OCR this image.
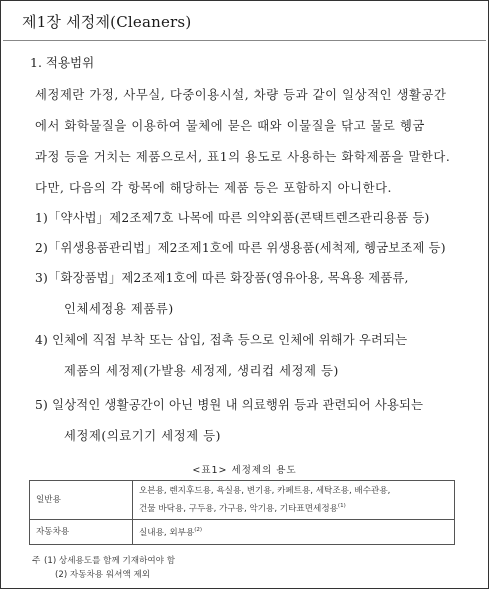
제1장 세정제(Cleaners)
1. 적용범위
세정제란 가정, 사무실, 다중이용시설, 차량 등과 같이 일상적인 생활공간
에서 화학물질을 이용하여 물체에 묻은 때와 이물질을 닦고 물로 헹굼
과정 등을 거치는 제품으로서, 표1의 용도로 사용하는 화학제품을 말한다.
다만, 다음의 각 항목에 해당하는 제품 등은 포함하지 아니한다.
1)「약사법」제2조제7호 나목에 따른 의약외품(콘택트렌즈관리용품 등)
2)「위생용품관리법」제2조제1호에 따른 위생용품(세척제, 헹굼보조제 등)
3)「화장품법」제2조제1호에 따른 화장품(영유아용, 목욕용 제품류,
인체세정용 제품류)
4) 인체에 직접 부착 또는 삽입, 접촉 등으로 인체에 위해가 우려되는
제품의 세정제(가발용 세정제, 생리컵 세정제 등)
5) 일상적인 생활공간이 아닌 병원 내 의료행위 등과 관련되어 사용되는
세정제(의료기기 세정제 등)
<표1> 세정제의 용도
일반용	오븐용, 렌지후드용, 욕실용, 변기용, 카페트용, 세탁조용, 배수관용,
건물 바닥용, 구두용, 가구용, 악기용, 기타표면세정용$^{(1)}$

자동차용	실내용, 외부용$^{(2)}$
주 (1) 상세용도를 함께 기재하여야 함
(2) 자동차용 워셔액 제외
